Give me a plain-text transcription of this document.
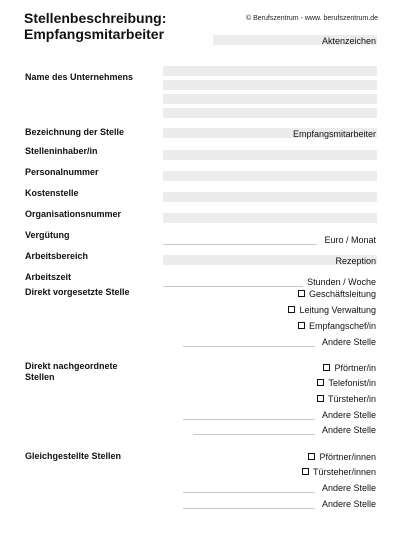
Stellenbeschreibung:
Empfangsmitarbeiter
© Berufszentrum - www. berufszentrum.de
Aktenzeichen
Name des Unternehmens
Bezeichnung der Stelle	Empfangsmitarbeiter
Stelleninhaber/in
Personalnummer
Kostenstelle
Organisationsnummer
Vergütung	Euro / Monat
Arbeitsbereich	Rezeption
Arbeitszeit	Stunden / Woche
Direkt vorgesetzte Stelle	Geschäftsleitung
Leitung Verwaltung
Empfangschef/in
Andere Stelle
Direkt nachgeordnete
Stellen
Pförtner/in
Telefonist/in
Türsteher/in
Andere Stelle
Andere Stelle
Gleichgestellte Stellen	Pförtner/innen
Türsteher/innen
Andere Stelle
Andere Stelle
